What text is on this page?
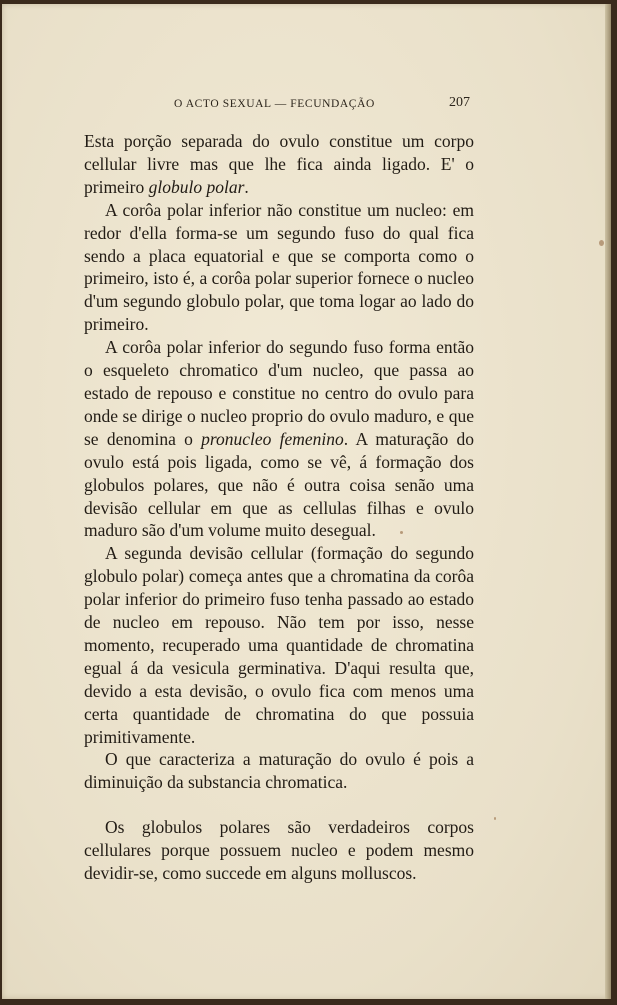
O ACTO SEXUAL — FECUNDAÇÃO	207

Esta porção separada do ovulo constitue um corpo cellular livre mas que lhe fica ainda ligado. E' o primeiro globulo polar.

A corôa polar inferior não constitue um nucleo: em redor d'ella forma-se um segundo fuso do qual fica sendo a placa equatorial e que se comporta como o primeiro, isto é, a corôa polar superior fornece o nucleo d'um segundo globulo polar, que toma logar ao lado do primeiro.

A corôa polar inferior do segundo fuso forma então o esqueleto chromatico d'um nucleo, que passa ao estado de repouso e constitue no centro do ovulo para onde se dirige o nucleo proprio do ovulo maduro, e que se denomina o pronucleo femenino. A maturação do ovulo está pois ligada, como se vê, á formação dos globulos polares, que não é outra coisa senão uma devisão cellular em que as cellulas filhas e ovulo maduro são d'um volume muito desegual.

A segunda devisão cellular (formação do segundo globulo polar) começa antes que a chromatina da corôa polar inferior do primeiro fuso tenha passado ao estado de nucleo em repouso. Não tem por isso, nesse momento, recuperado uma quantidade de chromatina egual á da vesicula germinativa. D'aqui resulta que, devido a esta devisão, o ovulo fica com menos uma certa quantidade de chromatina do que possuia primitivamente.

O que caracteriza a maturação do ovulo é pois a diminuição da substancia chromatica.

Os globulos polares são verdadeiros corpos cellulares porque possuem nucleo e podem mesmo devidir-se, como succede em alguns molluscos.
